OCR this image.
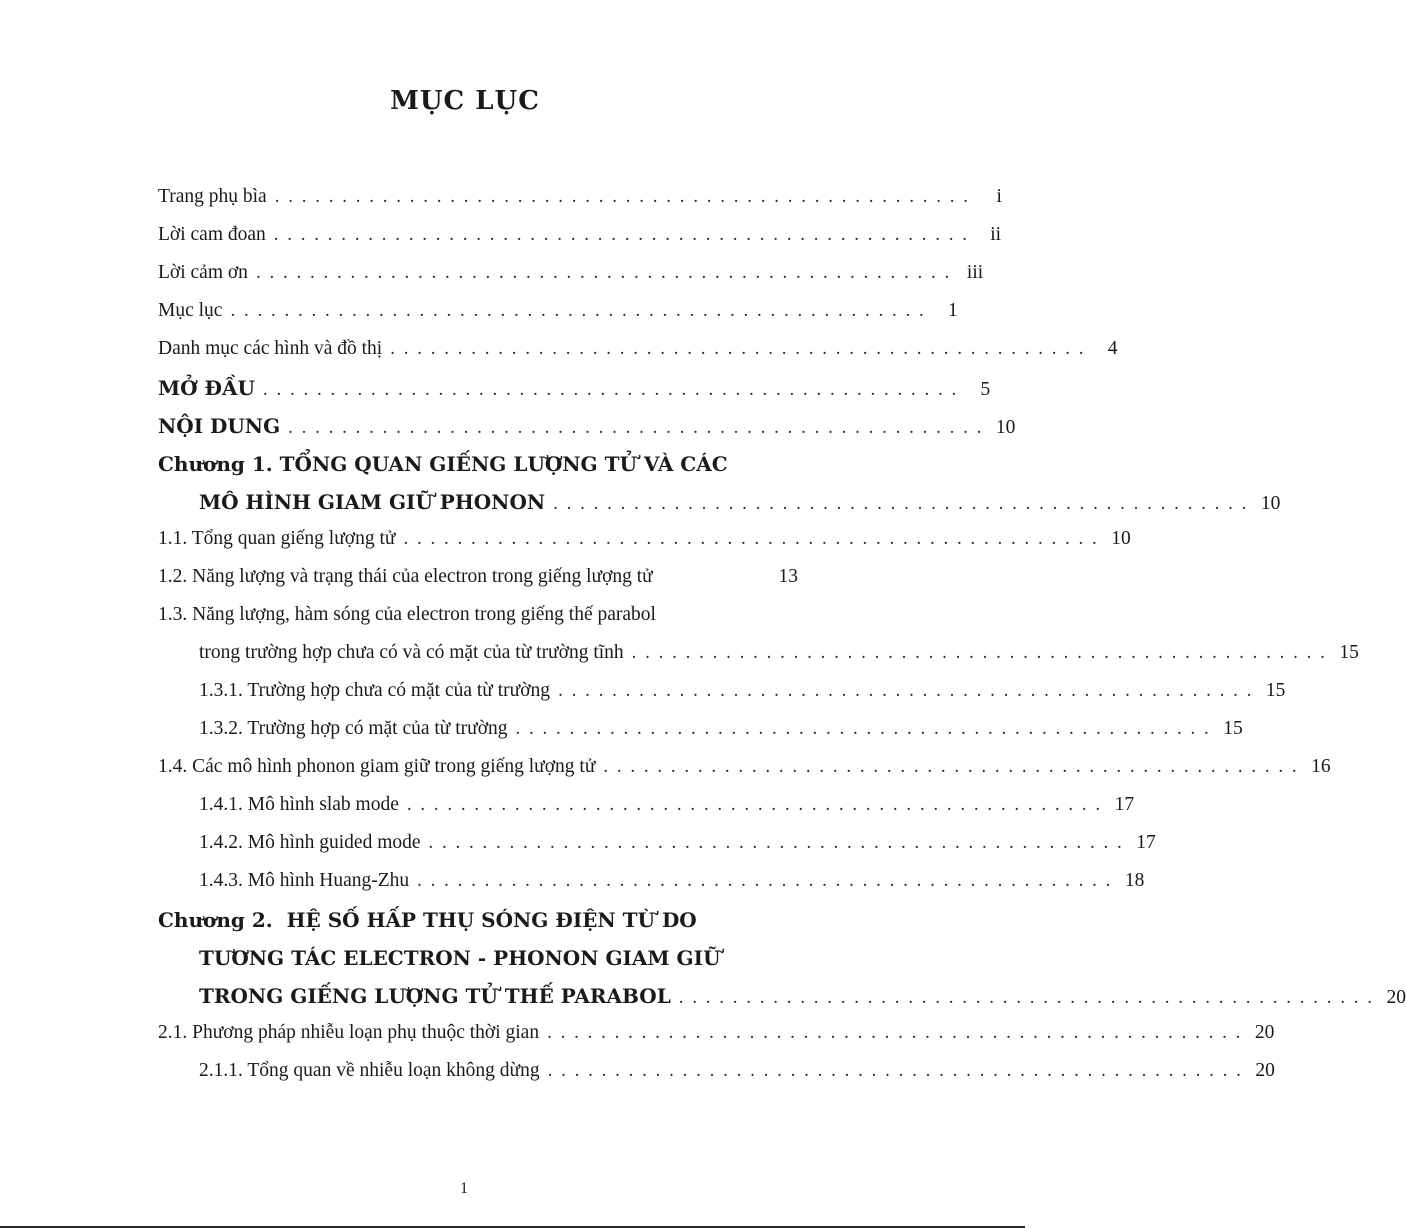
MỤC LỤC
Trang phụ bìa . . .	i
Lời cam đoan . . .	ii
Lời cảm ơn . . .	iii
Mục lục . . .	1
Danh mục các hình và đồ thị . . .	4
MỞ ĐẦU . . .	5
NỘI DUNG . . .	10
Chương 1. TỔNG QUAN GIẾNG LƯỢNG TỬ VÀ CÁC
MÔ HÌNH GIAM GIỮ PHONON . . .	10
1.1. Tổng quan giếng lượng tử . . .	10
1.2. Năng lượng và trạng thái của electron trong giếng lượng tử	13
1.3. Năng lượng, hàm sóng của electron trong giếng thế parabol
trong trường hợp chưa có và có mặt của từ trường tĩnh . . .	15
1.3.1. Trường hợp chưa có mặt của từ trường . . .	15
1.3.2. Trường hợp có mặt của từ trường . . .	15
1.4. Các mô hình phonon giam giữ trong giếng lượng tử . . .	16
1.4.1. Mô hình slab mode . . .	17
1.4.2. Mô hình guided mode . . .	17
1.4.3. Mô hình Huang-Zhu . . .	18
Chương 2.  HỆ SỐ HẤP THỤ SÓNG ĐIỆN TỪ DO
TƯƠNG TÁC ELECTRON - PHONON GIAM GIỮ
TRONG GIẾNG LƯỢNG TỬ THẾ PARABOL . . .	20
2.1. Phương pháp nhiễu loạn phụ thuộc thời gian . . .	20
2.1.1. Tổng quan về nhiễu loạn không dừng . . .	20
1
